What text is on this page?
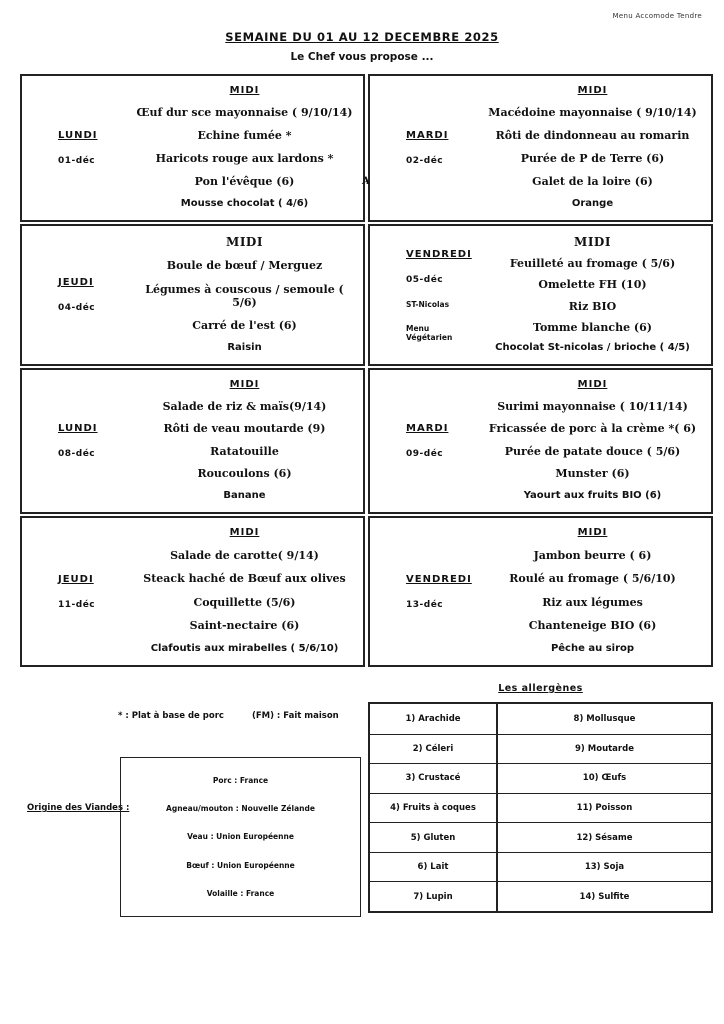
Menu Accomode Tendre
SEMAINE DU 01 AU 12 DECEMBRE 2025
Le Chef vous propose ...
LUNDI
01-déc
MIDI
Œuf dur sce mayonnaise ( 9/10/14)
Echine fumée *
Haricots rouge aux lardons *
Pon l'évêque (6)
Mousse chocolat ( 4/6)
MARDI
02-déc
MIDI
Macédoine mayonnaise ( 9/10/14)
Rôti de dindonneau au romarin
Purée de P de Terre (6)
Galet de la loire (6)
Orange
JEUDI
04-déc
MIDI
Boule de bœuf / Merguez
Légumes à couscous / semoule ( 5/6)
Carré de l'est (6)
Raisin
VENDREDI
05-déc
ST-Nicolas
Menu Végétarien
MIDI
Feuilleté au fromage ( 5/6)
Omelette FH (10)
Riz BIO
Tomme blanche (6)
Chocolat St-nicolas / brioche ( 4/5)
LUNDI
08-déc
MIDI
Salade de riz & maïs(9/14)
Rôti de veau moutarde (9)
Ratatouille
Roucoulons (6)
Banane
MARDI
09-déc
MIDI
Surimi mayonnaise ( 10/11/14)
Fricassée de porc à la crème *( 6)
Purée de patate douce ( 5/6)
Munster (6)
Yaourt aux fruits BIO (6)
JEUDI
11-déc
MIDI
Salade de carotte( 9/14)
Steack haché de Bœuf aux olives
Coquillette (5/6)
Saint-nectaire (6)
Clafoutis aux mirabelles ( 5/6/10)
VENDREDI
13-déc
MIDI
Jambon beurre ( 6)
Roulé au fromage ( 5/6/10)
Riz aux légumes
Chanteneige BIO (6)
Pêche au sirop
A
Les allergènes
1) Arachide	8) Mollusque
2) Céleri	9) Moutarde
3) Crustacé	10) Œufs
4) Fruits à coques	11) Poisson
5) Gluten	12) Sésame
6) Lait	13) Soja
7) Lupin	14) Sulfite
* : Plat à base de porc	(FM) : Fait maison
Origine des Viandes :
Porc : France
Agneau/mouton : Nouvelle Zélande
Veau : Union Européenne
Bœuf : Union Européenne
Volaille : France
